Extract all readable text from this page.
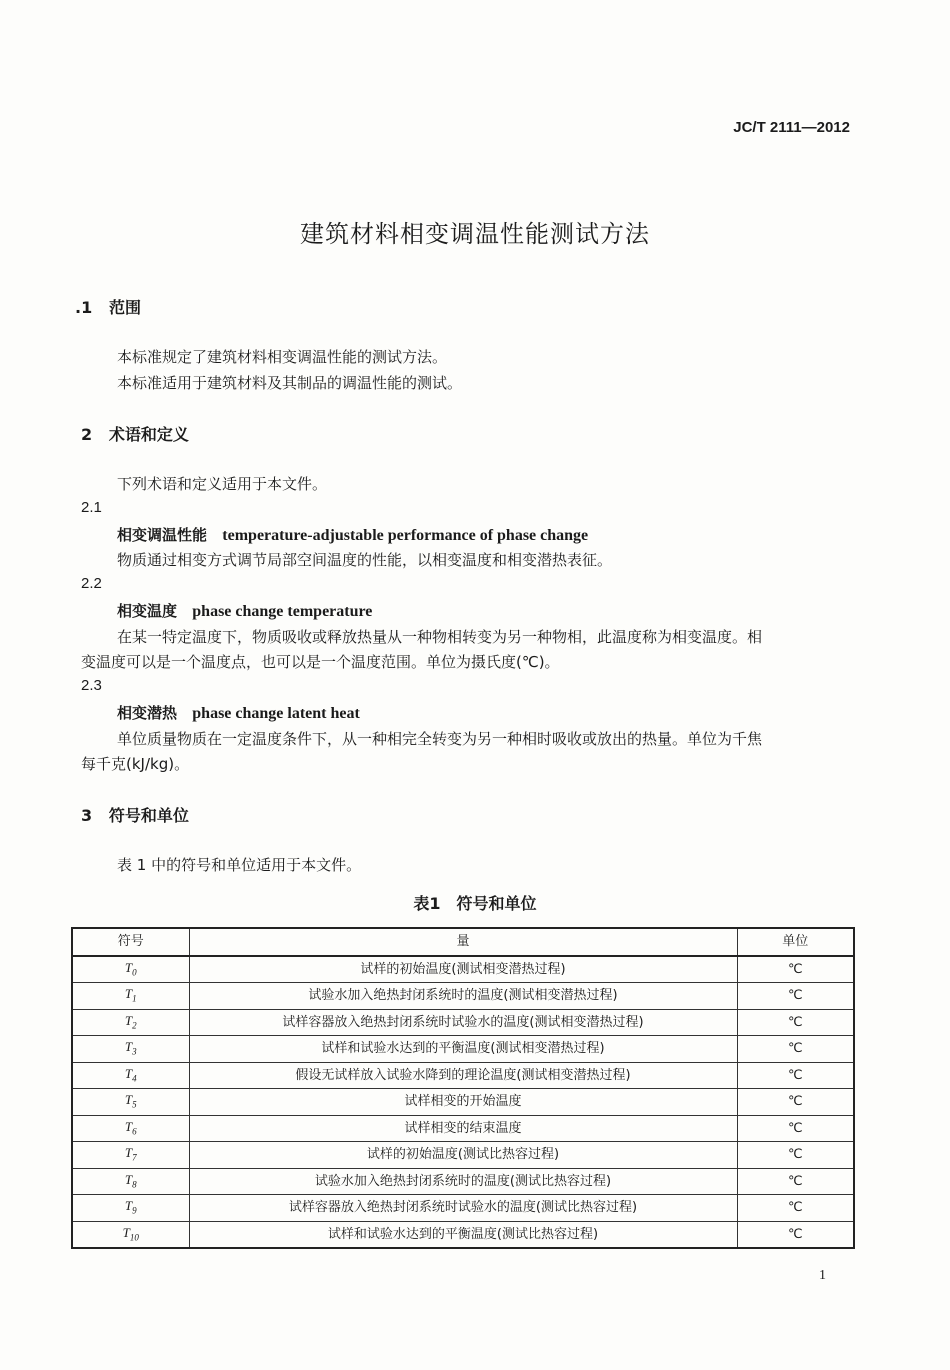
JC/T 2111—2012
建筑材料相变调温性能测试方法
.1 范围
本标准规定了建筑材料相变调温性能的测试方法。
本标准适用于建筑材料及其制品的调温性能的测试。
2 术语和定义
下列术语和定义适用于本文件。
2.1
相变调温性能 temperature-adjustable performance of phase change
物质通过相变方式调节局部空间温度的性能，以相变温度和相变潜热表征。
2.2
相变温度 phase change temperature
在某一特定温度下，物质吸收或释放热量从一种物相转变为另一种物相，此温度称为相变温度。相
变温度可以是一个温度点，也可以是一个温度范围。单位为摄氏度(℃)。
2.3
相变潜热 phase change latent heat
单位质量物质在一定温度条件下，从一种相完全转变为另一种相时吸收或放出的热量。单位为千焦
每千克(kJ/kg)。
3 符号和单位
表 1 中的符号和单位适用于本文件。
表1　符号和单位
符号	量	单位
$T_0$	试样的初始温度(测试相变潜热过程)	℃
$T_1$	试验水加入绝热封闭系统时的温度(测试相变潜热过程)	℃
$T_2$	试样容器放入绝热封闭系统时试验水的温度(测试相变潜热过程)	℃
$T_3$	试样和试验水达到的平衡温度(测试相变潜热过程)	℃
$T_4$	假设无试样放入试验水降到的理论温度(测试相变潜热过程)	℃
$T_5$	试样相变的开始温度	℃
$T_6$	试样相变的结束温度	℃
$T_7$	试样的初始温度(测试比热容过程)	℃
$T_8$	试验水加入绝热封闭系统时的温度(测试比热容过程)	℃
$T_9$	试样容器放入绝热封闭系统时试验水的温度(测试比热容过程)	℃
$T_{10}$	试样和试验水达到的平衡温度(测试比热容过程)	℃
1
